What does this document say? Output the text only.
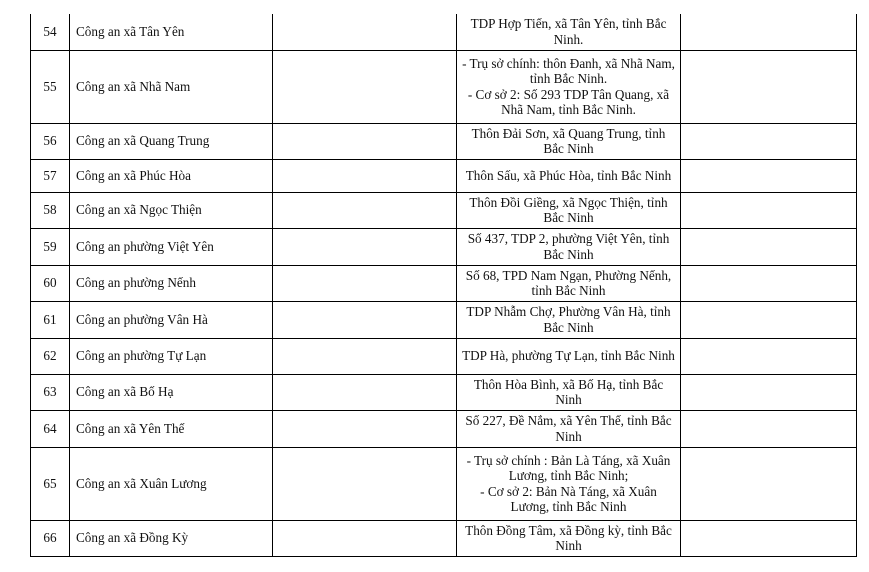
54	Công an xã Tân Yên		TDP Hợp Tiến, xã Tân Yên, tỉnh Bắc Ninh.	

55	Công an xã Nhã Nam		- Trụ sở chính: thôn Đanh, xã Nhã Nam, tỉnh Bắc Ninh.
- Cơ sở 2: Số 293 TDP Tân Quang, xã Nhã Nam, tỉnh Bắc Ninh.	

56	Công an xã Quang Trung		Thôn Đải Sơn, xã Quang Trung, tỉnh Bắc Ninh	

57	Công an xã Phúc Hòa		Thôn Sấu, xã Phúc Hòa, tỉnh Bắc Ninh	

58	Công an xã Ngọc Thiện		Thôn Đồi Giềng, xã Ngọc Thiện, tỉnh Bắc Ninh	

59	Công an phường Việt Yên		Số 437, TDP 2, phường Việt Yên, tỉnh Bắc Ninh	

60	Công an phường Nếnh		Số 68, TPD Nam Ngạn, Phường Nếnh, tỉnh Bắc Ninh	

61	Công an phường Vân Hà		TDP Nhẫm Chợ, Phường Vân Hà, tỉnh Bắc Ninh	

62	Công an phường Tự Lạn		TDP Hà, phường Tự Lạn, tỉnh Bắc Ninh	

63	Công an xã Bố Hạ		Thôn Hòa Bình, xã Bố Hạ, tỉnh Bắc Ninh	

64	Công an xã Yên Thế		Số 227, Đề Nắm, xã Yên Thế, tỉnh Bắc Ninh	

65	Công an xã Xuân Lương		- Trụ sở chính : Bản Là Táng, xã Xuân Lương, tỉnh Bắc Ninh;
- Cơ sở 2: Bản Nà Táng, xã Xuân Lương, tỉnh Bắc Ninh	

66	Công an xã Đồng Kỳ		Thôn Đồng Tâm, xã Đồng kỳ, tỉnh Bắc Ninh	
